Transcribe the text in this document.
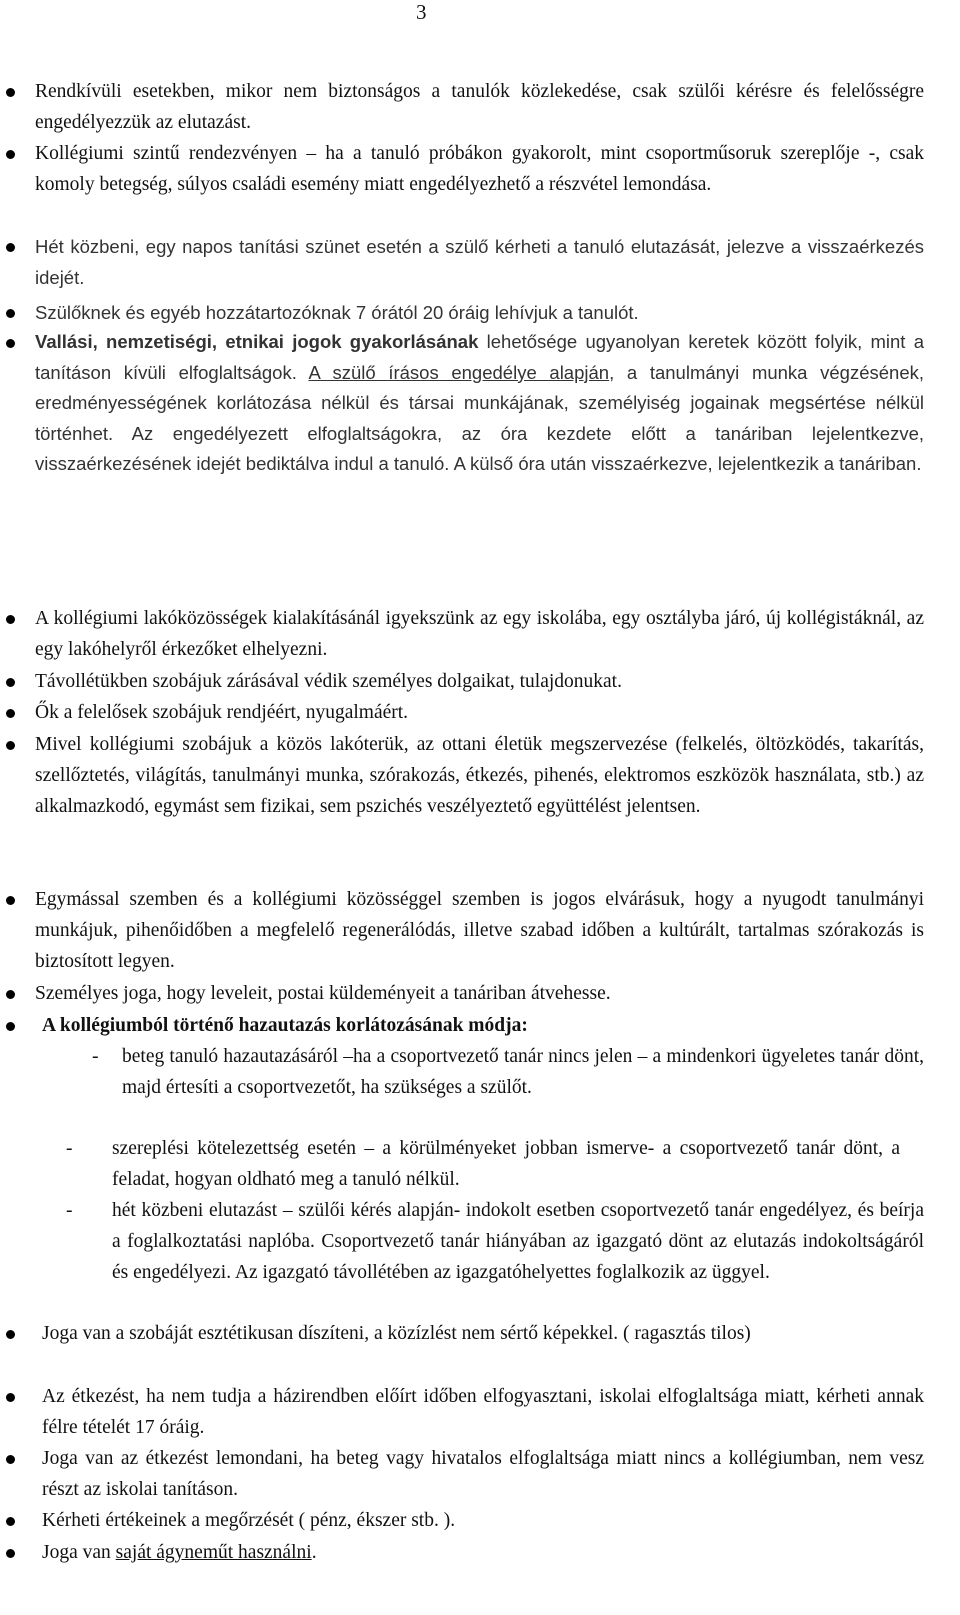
3
Rendkívüli esetekben, mikor nem biztonságos a tanulók közlekedése, csak szülői kérésre és felelősségre engedélyezzük az elutazást.
Kollégiumi szintű rendezvényen – ha a tanuló próbákon gyakorolt, mint csoportműsoruk szereplője -, csak komoly betegség, súlyos családi esemény miatt engedélyezhető a részvétel lemondása.
Hét közbeni, egy napos tanítási szünet esetén a szülő kérheti a tanuló elutazását, jelezve a visszaérkezés idejét.
Szülőknek és egyéb hozzátartozóknak 7 órától 20 óráig lehívjuk a tanulót.
Vallási, nemzetiségi, etnikai jogok gyakorlásának lehetősége ugyanolyan keretek között folyik, mint a tanításon kívüli elfoglaltságok. A szülő írásos engedélye alapján, a tanulmányi munka végzésének, eredményességének korlátozása nélkül és társai munkájának, személyiség jogainak megsértése nélkül történhet. Az engedélyezett elfoglaltságokra, az óra kezdete előtt a tanáriban lejelentkezve, visszaérkezésének idejét bediktálva indul a tanuló. A külső óra után visszaérkezve, lejelentkezik a tanáriban.
A kollégiumi lakóközösségek kialakításánál igyekszünk az egy iskolába, egy osztályba járó, új kollégistáknál, az egy lakóhelyről érkezőket elhelyezni.
Távollétükben szobájuk zárásával védik személyes dolgaikat, tulajdonukat.
Ők a felelősek szobájuk rendjéért, nyugalmáért.
Mivel kollégiumi szobájuk a közös lakóterük, az ottani életük megszervezése (felkelés, öltözködés, takarítás, szellőztetés, világítás, tanulmányi munka, szórakozás, étkezés, pihenés, elektromos eszközök használata, stb.) az alkalmazkodó, egymást sem fizikai, sem pszichés veszélyeztető együttélést jelentsen.
Egymással szemben és a kollégiumi közösséggel szemben is jogos elvárásuk, hogy a nyugodt tanulmányi munkájuk, pihenőidőben a megfelelő regenerálódás, illetve szabad időben a kultúrált, tartalmas szórakozás is biztosított legyen.
Személyes joga, hogy leveleit, postai küldeményeit a tanáriban átvehesse.
A kollégiumból történő hazautazás korlátozásának módja:
- beteg tanuló hazautazásáról –ha a csoportvezető tanár nincs jelen – a mindenkori ügyeletes tanár dönt, majd értesíti a csoportvezetőt, ha szükséges a szülőt.
- szereplési kötelezettség esetén – a körülményeket jobban ismerve- a csoportvezető tanár dönt, a feladat, hogyan oldható meg a tanuló nélkül.
- hét közbeni elutazást – szülői kérés alapján- indokolt esetben csoportvezető tanár engedélyez, és beírja a foglalkoztatási naplóba. Csoportvezető tanár hiányában az igazgató dönt az elutazás indokoltságáról és engedélyezi. Az igazgató távollétében az igazgatóhelyettes foglalkozik az üggyel.
Joga van a szobáját esztétikusan díszíteni, a közízlést nem sértő képekkel. ( ragasztás tilos)
Az étkezést, ha nem tudja a házirendben előírt időben elfogyasztani, iskolai elfoglaltsága miatt, kérheti annak félre tételét 17 óráig.
Joga van az étkezést lemondani, ha beteg vagy hivatalos elfoglaltsága miatt nincs a kollégiumban, nem vesz részt az iskolai tanításon.
Kérheti értékeinek a megőrzését ( pénz, ékszer stb. ).
Joga van saját ágyneműt használni.
